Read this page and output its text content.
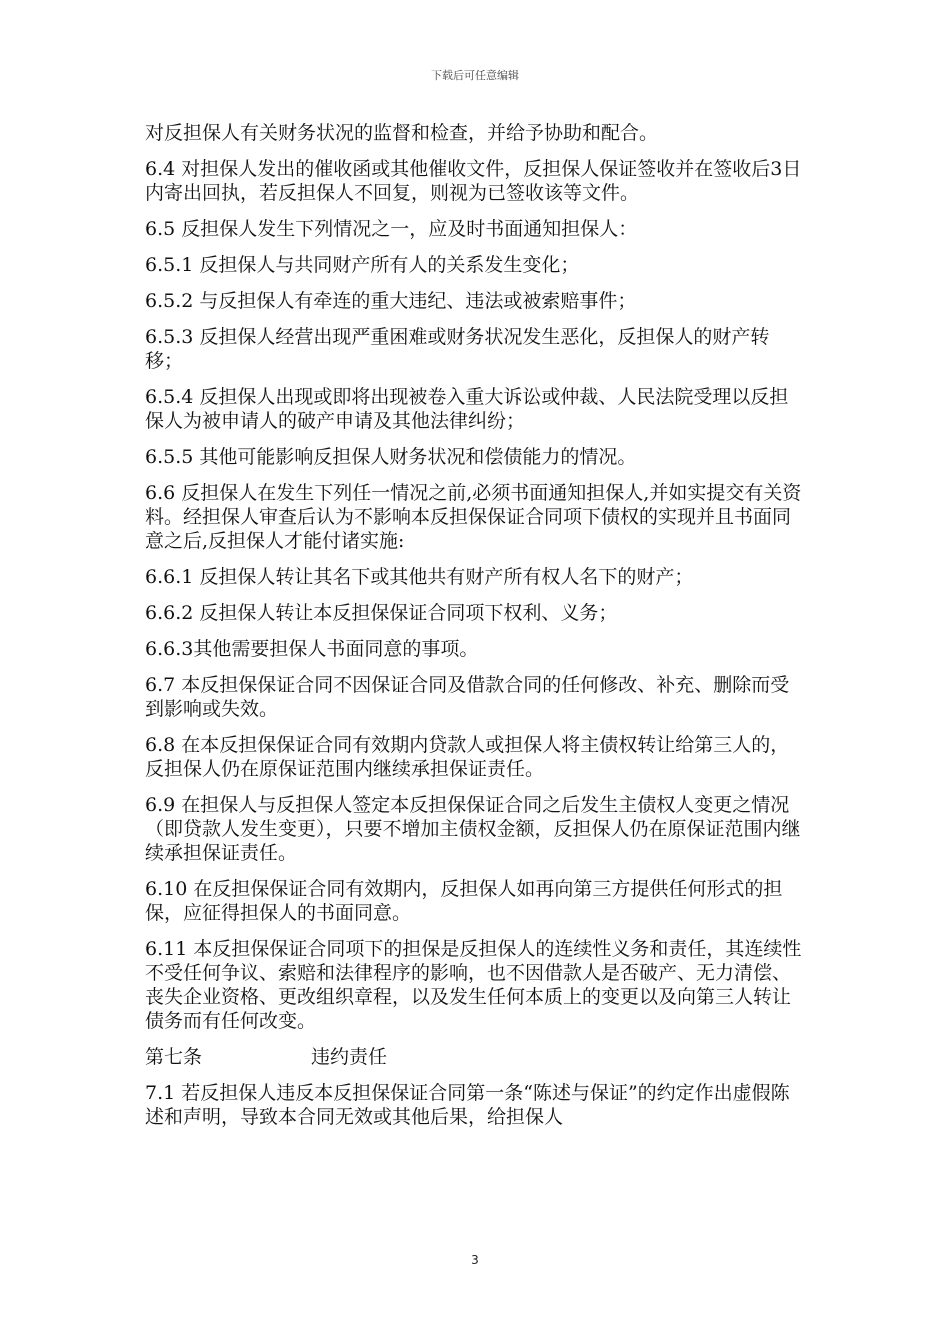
下载后可任意编辑

对反担保人有关财务状况的监督和检查，并给予协助和配合。

6.4 对担保人发出的催收函或其他催收文件，反担保人保证签收并在签收后3日内寄出回执，若反担保人不回复，则视为已签收该等文件。

6.5 反担保人发生下列情况之一，应及时书面通知担保人：

6.5.1 反担保人与共同财产所有人的关系发生变化；

6.5.2 与反担保人有牵连的重大违纪、违法或被索赔事件；

6.5.3 反担保人经营出现严重困难或财务状况发生恶化，反担保人的财产转移；

6.5.4 反担保人出现或即将出现被卷入重大诉讼或仲裁、人民法院受理以反担保人为被申请人的破产申请及其他法律纠纷；

6.5.5 其他可能影响反担保人财务状况和偿债能力的情况。

6.6 反担保人在发生下列任一情况之前,必须书面通知担保人,并如实提交有关资料。经担保人审查后认为不影响本反担保保证合同项下债权的实现并且书面同意之后,反担保人才能付诸实施:

6.6.1 反担保人转让其名下或其他共有财产所有权人名下的财产；

6.6.2 反担保人转让本反担保保证合同项下权利、义务；

6.6.3其他需要担保人书面同意的事项。

6.7 本反担保保证合同不因保证合同及借款合同的任何修改、补充、删除而受到影响或失效。

6.8 在本反担保保证合同有效期内贷款人或担保人将主债权转让给第三人的，反担保人仍在原保证范围内继续承担保证责任。

6.9 在担保人与反担保人签定本反担保保证合同之后发生主债权人变更之情况（即贷款人发生变更），只要不增加主债权金额，反担保人仍在原保证范围内继续承担保证责任。

6.10 在反担保保证合同有效期内，反担保人如再向第三方提供任何形式的担保，应征得担保人的书面同意。

6.11 本反担保保证合同项下的担保是反担保人的连续性义务和责任，其连续性不受任何争议、索赔和法律程序的影响，也不因借款人是否破产、无力清偿、丧失企业资格、更改组织章程，以及发生任何本质上的变更以及向第三人转让债务而有任何改变。

第七条	违约责任

7.1 若反担保人违反本反担保保证合同第一条“陈述与保证”的约定作出虚假陈述和声明，导致本合同无效或其他后果，给担保人

3
